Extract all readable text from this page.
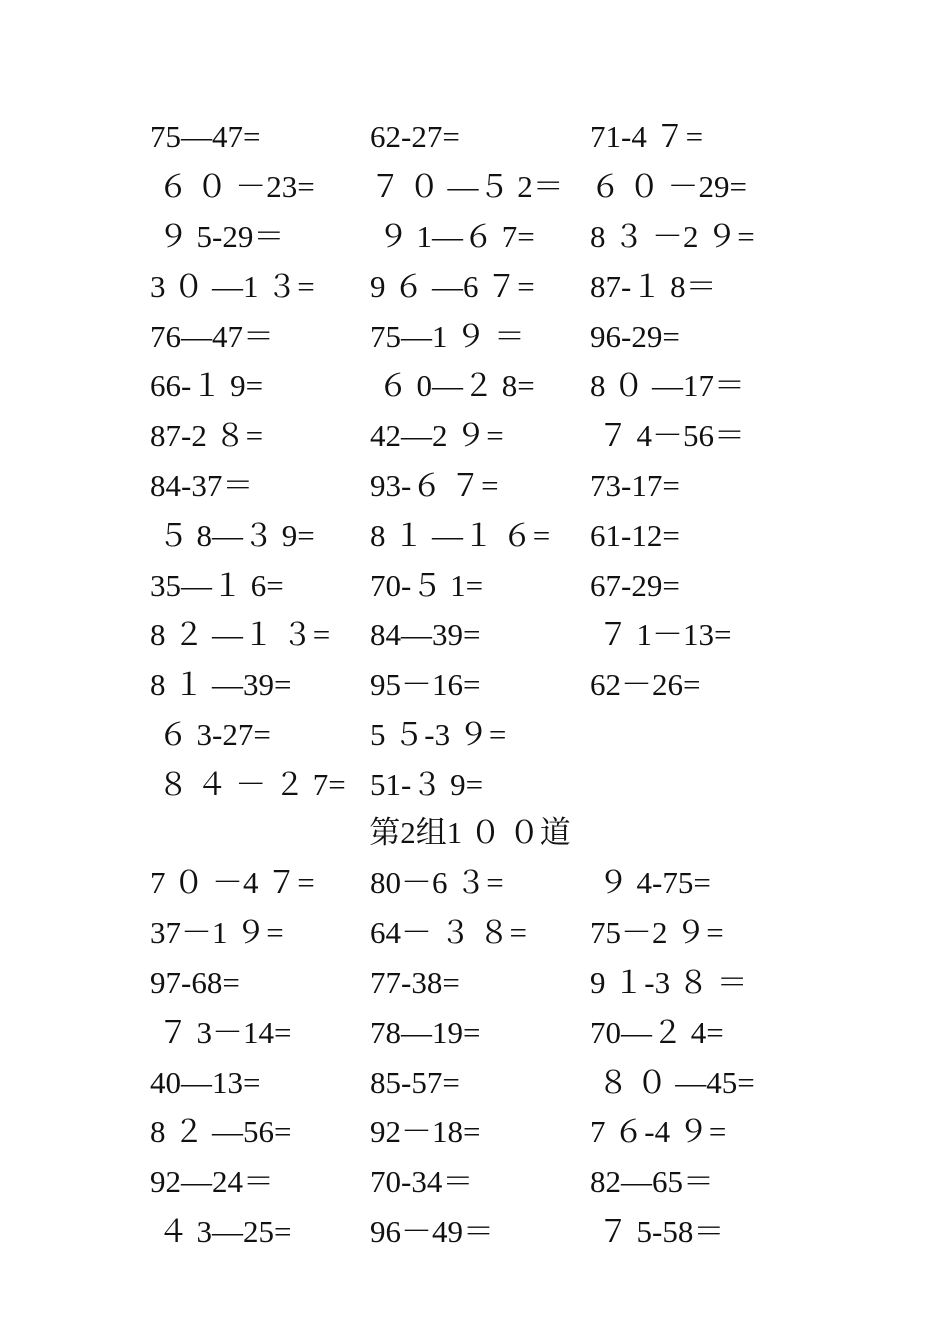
75—47=	62-27=	71-4 ７=
６ ０ －23=	７ ０ —５ 2＝ ６ ０ －29=
９ 5-29＝	９ 1—６ 7=	8 ３ －2 ９=
3 ０ —1 ３=	9 ６ —6 ７=	87-１ 8＝
76—47＝	75—1 ９ ＝	96-29=
66-１ 9=	６ 0—２ 8=	8 ０ —17＝
87-2 ８=	42—2 ９=	７ 4－56＝
84-37＝	93-６ ７=	73-17=
５ 8—３ 9=	8 １ —１ ６=	61-12=
35—１ 6=	70-５ 1=	67-29=
8 ２ —１ ３=	84—39=	７ 1－13=
8 １ —39=	95－16=	62－26=
６ 3-27=	5 ５-3 ９=
８ ４ － ２ 7= 51-３ 9=
第2组1 ０ ０道
7 ０ －4 ７=	80－6 ３=	９ 4-75=
37－1 ９=	64－ ３ ８=	75－2 ９=
97-68=	77-38=	9 １-3 ８ ＝
７ 3－14=	78—19=	70—２ 4=
40—13=	85-57=	８ ０ —45=
8 ２ —56=	92－18=	7 ６-4 ９=
92—24＝	70-34＝	82—65＝
４ 3—25=	96－49＝	７ 5-58＝
